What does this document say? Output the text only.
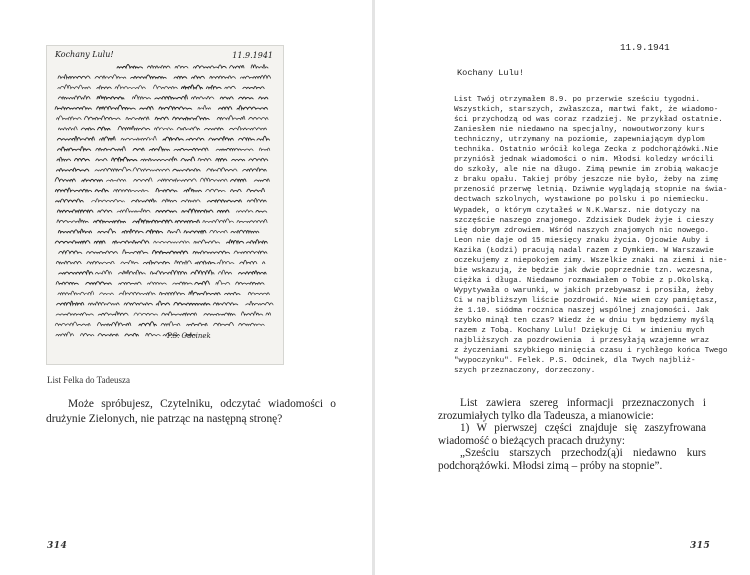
Kochany Lulu!	11.9.1941
P.S. Odcinek
List Felka do Tadeusza

Może spróbujesz, Czytelniku, odczytać wiadomości o drużynie Zielonych, nie patrząc na następną stronę?

314
11.9.1941
Kochany Lulu!
List Twój otrzymałem 8.9. po przerwie sześciu tygodni.
Wszystkich, starszych, zwłaszcza, martwi fakt, że wiadomo-
ści przychodzą od was coraz rzadziej. Ne przykład ostatnie.
Zaniesłem nie niedawno na specjalny, nowoutworzony kurs
techniczny, utrzymany na poziomie, zapewniającym dyplom
technika. Ostatnio wrócił kolega Zecka z podchorążówki.Nie
przyniósł jednak wiadomości o nim. Młodsi koledzy wrócili
do szkoły, ale nie na długo. Zimą pewnie im zrobią wakacje
z braku opału. Takiej próby jeszcze nie było, żeby na zimę
przenosić przerwę letnią. Dziwnie wyglądają stopnie na świa-
dectwach szkolnych, wystawione po polsku i po niemiecku.
Wypadek, o którym czytałeś w N.K.Warsz. nie dotyczy na
szczęście naszego znajomego. Zdzisiek Dudek żyje i cieszy
się dobrym zdrowiem. Wśród naszych znajomych nic nowego.
Leon nie daje od 15 miesięcy znaku życia. Ojcowie Auby i
Kazika (Łodzi) pracują nadal razem z Dymkiem. W Warszawie
oczekujemy z niepokojem zimy. Wszelkie znaki na ziemi i nie-
bie wskazują, że będzie jak dwie poprzednie tzn. wczesna,
ciężka i długa. Niedawno rozmawiałem o Tobie z p.Okolską.
Wypytywała o warunki, w jakich przebywasz i prosiła, żeby
Ci w najbliższym liście pozdrowić. Nie wiem czy pamiętasz,
że 1.10. siódma rocznica naszej wspólnej znajomości. Jak
szybko minął ten czas? Wiedz że w dniu tym będziemy myślą
razem z Tobą. Kochany Lulu! Dziękuję Ci  w imieniu mych
najbliższych za pozdrowienia  i przesyłają wzajemne wraz
z życzeniami szybkiego minięcia czasu i rychłego końca Twego
"wypoczynku". Felek. P.S. Odcinek, dla Twych najbliż-
szych przeznaczony, dorzeczony.

List zawiera szereg informacji przeznaczonych i zrozumiałych tylko dla Tadeusza, a mianowicie:

1) W pierwszej części znajduje się zaszyfrowana wiadomość o bieżących pracach drużyny:

„Sześciu starszych przechodz(ą)i niedawno kurs podchorążówki. Młodsi zimą – próby na stopnie”.

315
